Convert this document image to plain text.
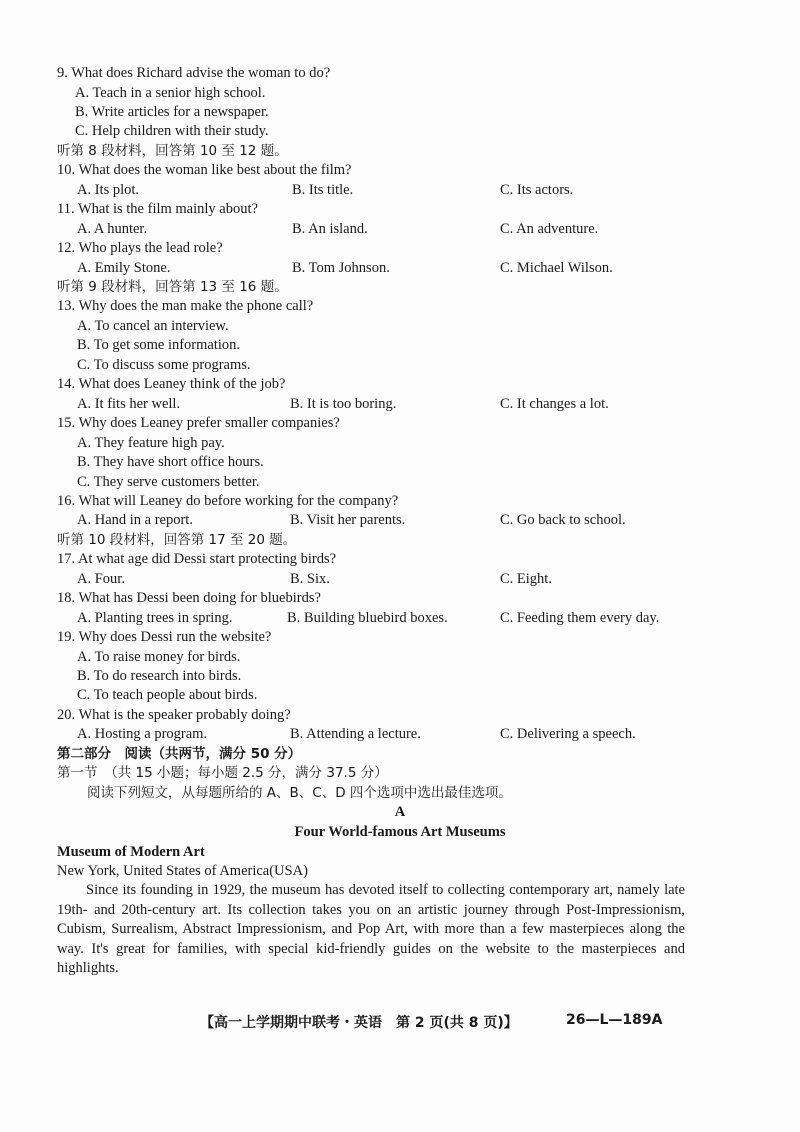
9. What does Richard advise the woman to do?
A. Teach in a senior high school.
B. Write articles for a newspaper.
C. Help children with their study.
听第 8 段材料，回答第 10 至 12 题。
10. What does the woman like best about the film?
A. Its plot.	B. Its title.	C. Its actors.
11. What is the film mainly about?
A. A hunter.	B. An island.	C. An adventure.
12. Who plays the lead role?
A. Emily Stone.	B. Tom Johnson.	C. Michael Wilson.
听第 9 段材料，回答第 13 至 16 题。
13. Why does the man make the phone call?
A. To cancel an interview.
B. To get some information.
C. To discuss some programs.
14. What does Leaney think of the job?
A. It fits her well.	B. It is too boring.	C. It changes a lot.
15. Why does Leaney prefer smaller companies?
A. They feature high pay.
B. They have short office hours.
C. They serve customers better.
16. What will Leaney do before working for the company?
A. Hand in a report.	B. Visit her parents.	C. Go back to school.
听第 10 段材料，回答第 17 至 20 题。
17. At what age did Dessi start protecting birds?
A. Four.	B. Six.	C. Eight.
18. What has Dessi been doing for bluebirds?
A. Planting trees in spring.	B. Building bluebird boxes.	C. Feeding them every day.
19. Why does Dessi run the website?
A. To raise money for birds.
B. To do research into birds.
C. To teach people about birds.
20. What is the speaker probably doing?
A. Hosting a program.	B. Attending a lecture.	C. Delivering a speech.
第二部分　阅读（共两节，满分 50 分）
第一节　（共 15 小题；每小题 2.5 分，满分 37.5 分）
阅读下列短文，从每题所给的 A、B、C、D 四个选项中选出最佳选项。
A
Four World-famous Art Museums
Museum of Modern Art
New York, United States of America(USA)

Since its founding in 1929, the museum has devoted itself to collecting contemporary art, namely late 19th- and 20th-century art. Its collection takes you on an artistic journey through Post-Impressionism, Cubism, Surrealism, Abstract Impressionism, and Pop Art, with more than a few masterpieces along the way. It's great for families, with special kid-friendly guides on the website to the masterpieces and highlights.

【高一上学期期中联考・英语　第 2 页(共 8 页)】	26—L—189A
